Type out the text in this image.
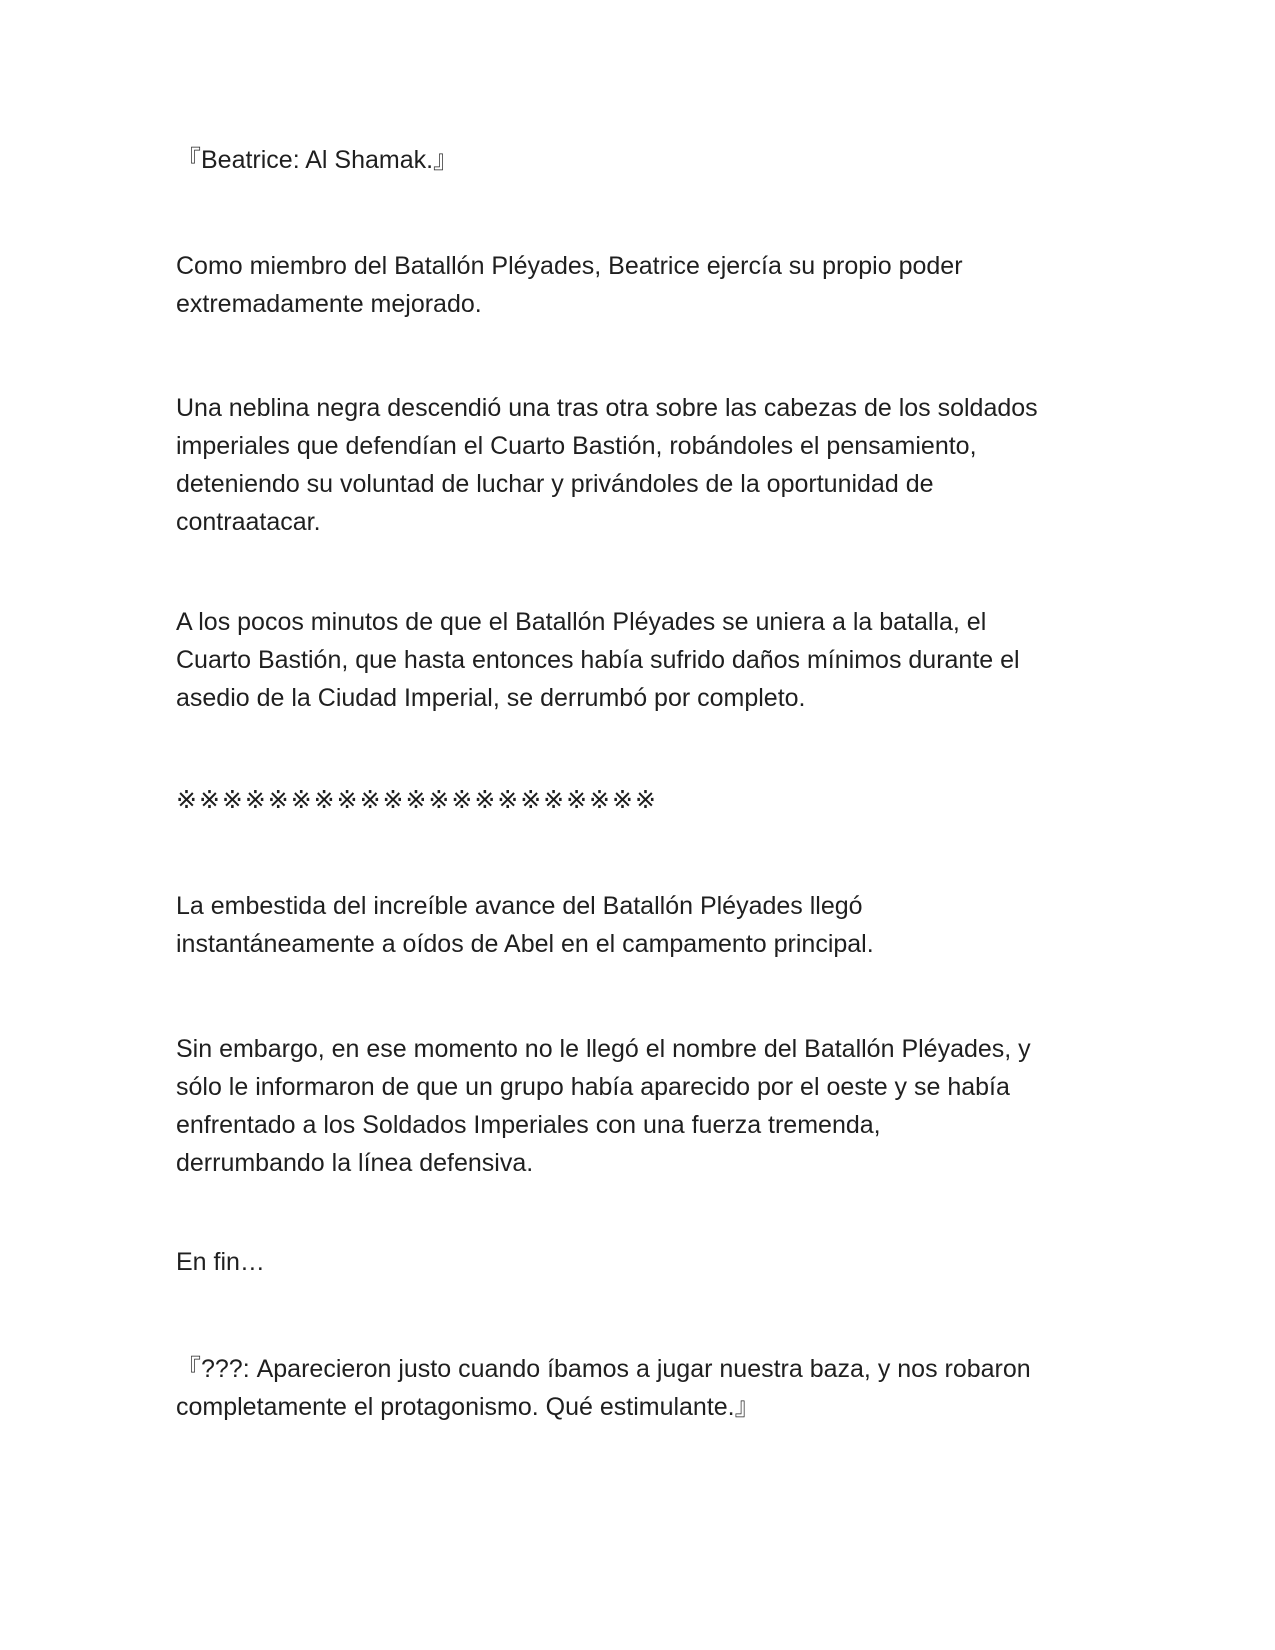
『Beatrice: Al Shamak.』

Como miembro del Batallón Pléyades, Beatrice ejercía su propio poder
extremadamente mejorado.

Una neblina negra descendió una tras otra sobre las cabezas de los soldados
imperiales que defendían el Cuarto Bastión, robándoles el pensamiento,
deteniendo su voluntad de luchar y privándoles de la oportunidad de
contraatacar.

A los pocos minutos de que el Batallón Pléyades se uniera a la batalla, el
Cuarto Bastión, que hasta entonces había sufrido daños mínimos durante el
asedio de la Ciudad Imperial, se derrumbó por completo.

※※※※※※※※※※※※※※※※※※※※※

La embestida del increíble avance del Batallón Pléyades llegó
instantáneamente a oídos de Abel en el campamento principal.

Sin embargo, en ese momento no le llegó el nombre del Batallón Pléyades, y
sólo le informaron de que un grupo había aparecido por el oeste y se había
enfrentado a los Soldados Imperiales con una fuerza tremenda,
derrumbando la línea defensiva.

En fin…

『???: Aparecieron justo cuando íbamos a jugar nuestra baza, y nos robaron
completamente el protagonismo. Qué estimulante.』
